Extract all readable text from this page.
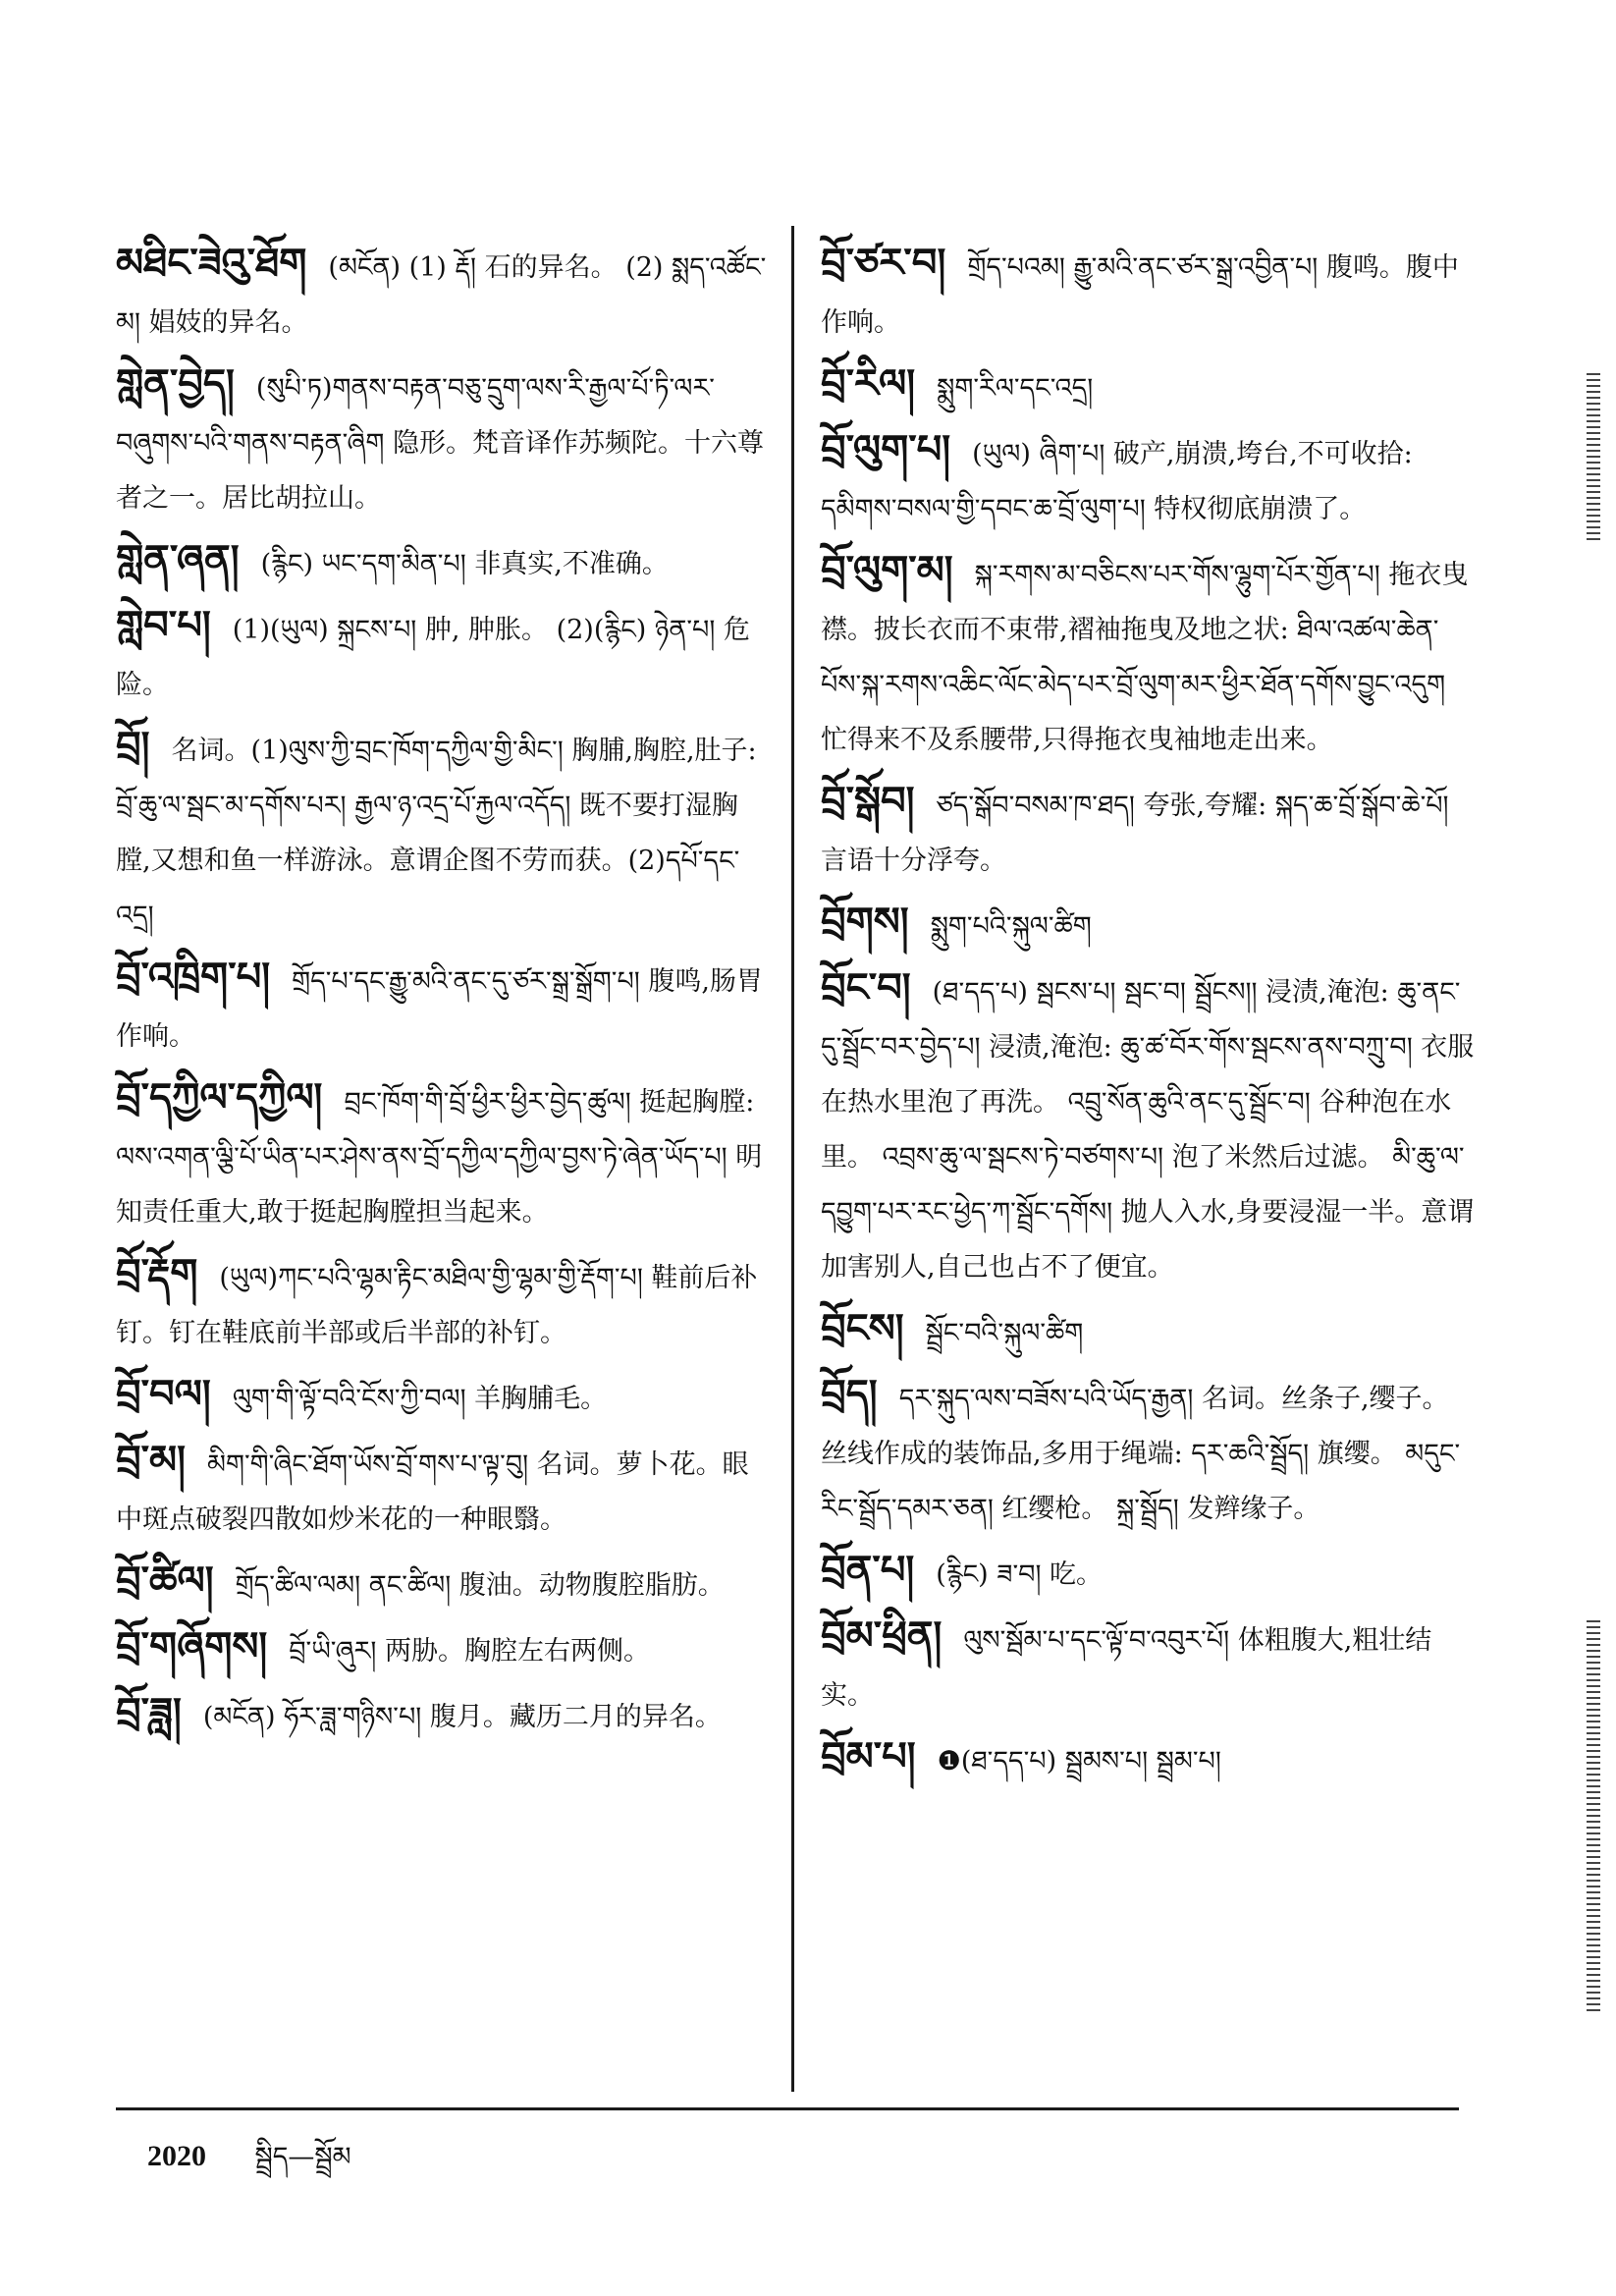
མཐིང་ཟེའུ་ཐོག (མངོན) (1) རྡོ། 石的异名。 (2) སྨད་འཚོང་མ། 娼妓的异名。

གླེན་བྱེད། (སུཔི་ཏ)གནས་བརྟན་བཅུ་དྲུག་ལས་རི་རྒྱལ་པོ་ཏི་ལར་བཞུགས་པའི་གནས་བརྟན་ཞིག 隐形。梵音译作苏频陀。十六尊者之一。居比胡拉山。

གླེན་ཞན། (རྙིང) ཡང་དག་མིན་པ། 非真实,不准确。

གླེབ་པ། (1)(ཡུལ) སྐྲངས་པ། 肿, 肿胀。 (2)(རྙིང) ཉེན་པ། 危险。

བྲོ། 名词。(1)ལུས་ཀྱི་བྲང་ཁོག་དཀྱིལ་གྱི་མིང་། 胸脯,胸腔,肚子: བྲོ་ཆུ་ལ་སྦང་མ་དགོས་པར། རྒྱལ་ཉ་འདྲ་པོ་རྐྱལ་འདོད། 既不要打湿胸膛,又想和鱼一样游泳。意谓企图不劳而获。(2)དཔོ་དང་འདྲ།

བྲོ་འཁྲིག་པ། གྲོད་པ་དང་རྒྱུ་མའི་ནང་དུ་ཙར་སྒྲ་སྒྲོག་པ། 腹鸣,肠胃作响。

བྲོ་དཀྱིལ་དཀྱིལ། བྲང་ཁོག་གི་བྲོ་ཕྱིར་ཕྱིར་བྱེད་ཚུལ། 挺起胸膛: ལས་འགན་ལྕི་པོ་ཡིན་པར་ཤེས་ནས་བྲོ་དཀྱིལ་དཀྱིལ་བྱས་ཏེ་ཞེན་ཡོད་པ། 明知责任重大,敢于挺起胸膛担当起来。

བྲོ་རྡོག (ཡུལ)ཀང་པའི་ལྷམ་རྟིང་མཐིལ་གྱི་ལྷམ་གྱི་རྡོག་པ། 鞋前后补钉。钉在鞋底前半部或后半部的补钉。

བྲོ་བལ། ལུག་གི་ལྟོ་བའི་ངོས་ཀྱི་བལ། 羊胸脯毛。

བྲོ་མ། མིག་གི་ཞིང་ཐོག་ཡོས་བྲོ་གས་པ་ལྟ་བུ། 名词。萝卜花。眼中斑点破裂四散如炒米花的一种眼翳。

བྲོ་ཚིལ། གྲོད་ཚིལ་ལམ། ནང་ཚིལ། 腹油。动物腹腔脂肪。

བྲོ་གཞོགས། བྲོ་ཡི་ཞུར། 两胁。胸腔左右两侧。

བྲོ་ཟླ། (མངོན) ཧོར་ཟླ་གཉིས་པ། 腹月。藏历二月的异名。

བྲོ་ཙར་བ། གྲོད་པའམ། རྒྱུ་མའི་ནང་ཙར་སྒྲ་འབྱིན་པ། 腹鸣。腹中作响。

བྲོ་རིལ། སྨུག་རིལ་དང་འདྲ།

བྲོ་ལུག་པ། (ཡུལ) ཞིག་པ། 破产,崩溃,垮台,不可收拾: དམིགས་བསལ་གྱི་དབང་ཆ་བྲོ་ལུག་པ། 特权彻底崩溃了。

བྲོ་ལུག་མ། སྐ་རགས་མ་བཅིངས་པར་གོས་ལྷུག་པོར་གྱོན་པ། 拖衣曳襟。披长衣而不束带,褶袖拖曳及地之状: ཐིལ་འཚལ་ཆེན་པོས་སྐ་རགས་འཆིང་ལོང་མེད་པར་བྲོ་ལུག་མར་ཕྱིར་ཐོན་དགོས་བྱུང་འདུག 忙得来不及系腰带,只得拖衣曳袖地走出来。

བྲོ་སྒོབ། ཙད་སྒོབ་བསམ་ཁ་ཐད། 夸张,夸耀: སྐད་ཆ་བྲོ་སྒོབ་ཆེ་པོ། 言语十分浮夸。

བྲོགས། སྨུག་པའི་སྐུལ་ཚིག

བྲོང་བ། (ཐ་དད་པ) སྦངས་པ། སྦང་བ། སྦྲོངས།། 浸渍,淹泡: ཆུ་ནང་དུ་སྦྲོང་བར་བྱེད་པ། 浸渍,淹泡: ཆུ་ཚ་བོར་གོས་སྦངས་ནས་བཀྲུ་བ། 衣服在热水里泡了再洗。 འབྲུ་སོན་ཆུའི་ནང་དུ་སྦྲོང་བ། 谷种泡在水里。 འབྲས་ཆུ་ལ་སྦངས་ཏེ་བཙགས་པ། 泡了米然后过滤。 མི་ཆུ་ལ་དབྱུག་པར་རང་ཕྱེད་ཀ་སྦྲོང་དགོས། 抛人入水,身要浸湿一半。意谓加害别人,自己也占不了便宜。

བྲོངས། སྦྲོང་བའི་སྐུལ་ཚིག

བྲོད། དར་སྐུད་ལས་བཟོས་པའི་ཡོད་རྒྱན། 名词。丝条子,缨子。丝线作成的装饰品,多用于绳端: དར་ཆའི་སྦྲོད། 旗缨。 མདུང་རིང་སྦྲོད་དམར་ཅན། 红缨枪。 སྐྲ་སྦྲོད། 发辫缘子。

བྲོན་པ། (རྙིང) ཟ་བ། 吃。

བྲོམ་ཕྲིན། ལུས་སྦོམ་པ་དང་ལྟོ་བ་འབུར་པོ། 体粗腹大,粗壮结实。

བྲོམ་པ། ❶(ཐ་དད་པ) སྦྲམས་པ། སྦྲམ་པ།

2020 སྦྲིད—སྦྲོམ
